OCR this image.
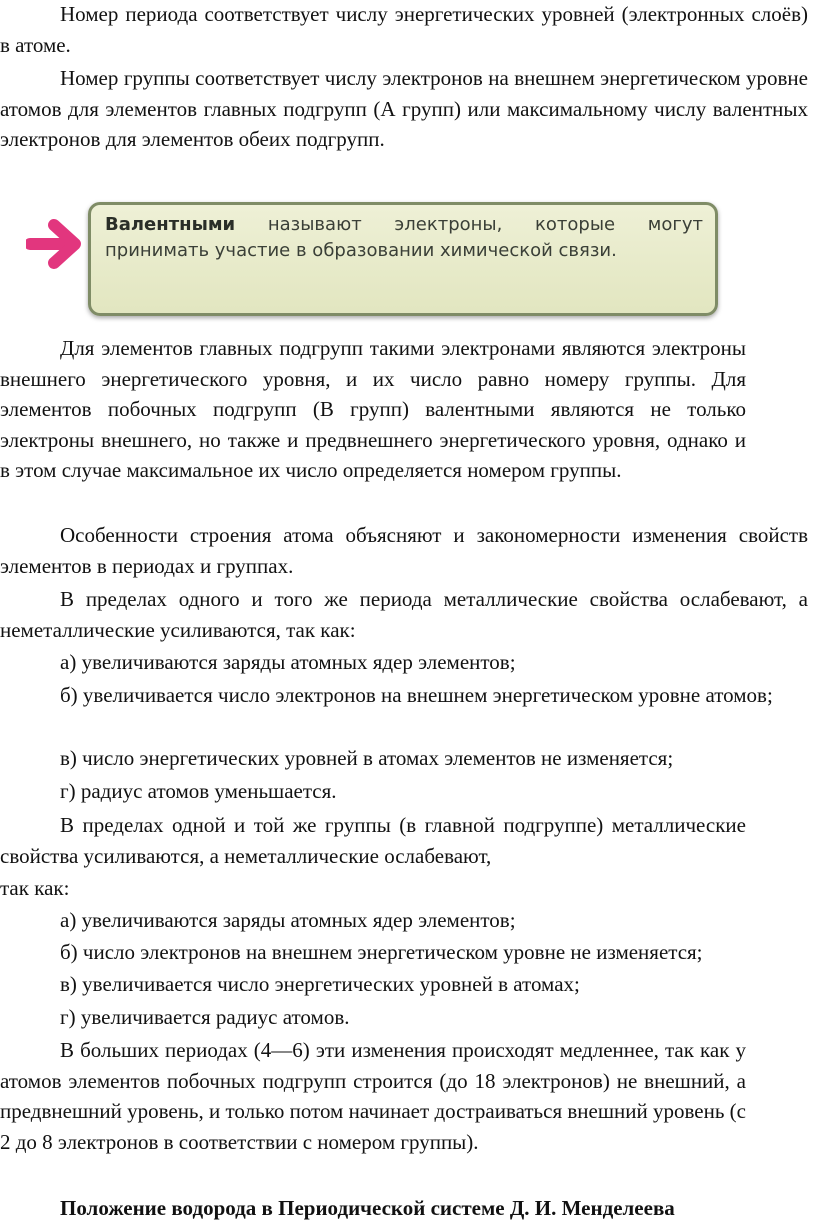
Номер периода соответствует числу энергетических уровней (электронных слоёв) в атоме.

Номер группы соответствует числу электронов на внешнем энергетическом уровне атомов для элементов главных подгрупп (А групп) или максимальному числу валентных электронов для элементов обеих подгрупп.

Валентными называют электроны, которые могут принимать участие в образовании химической связи.

Для элементов главных подгрупп такими электронами являются электроны внешнего энергетического уровня, и их число равно номеру группы. Для элементов побочных подгрупп (В групп) валентными являются не только электроны внешнего, но также и предвнешнего энергетического уровня, однако и в этом случае максимальное их число определяется номером группы.

Особенности строения атома объясняют и закономерности изменения свойств элементов в периодах и группах.

В пределах одного и того же периода металлические свойства ослабевают, а неметаллические усиливаются, так как:

а) увеличиваются заряды атомных ядер элементов;

б) увеличивается число электронов на внешнем энергетическом уровне атомов;

в) число энергетических уровней в атомах элементов не изменяется;

г) радиус атомов уменьшается.

В пределах одной и той же группы (в главной подгруппе) металлические свойства усиливаются, а неметаллические ослабевают,

так как:

а) увеличиваются заряды атомных ядер элементов;

б) число электронов на внешнем энергетическом уровне не изменяется;

в) увеличивается число энергетических уровней в атомах;

г) увеличивается радиус атомов.

В больших периодах (4—6) эти изменения происходят медленнее, так как у атомов элементов побочных подгрупп строится (до 18 электронов) не внешний, а предвнешний уровень, и только потом начинает достраиваться внешний уровень (с 2 до 8 электронов в соответствии с номером группы).

Положение водорода в Периодической системе Д. И. Менделеева
